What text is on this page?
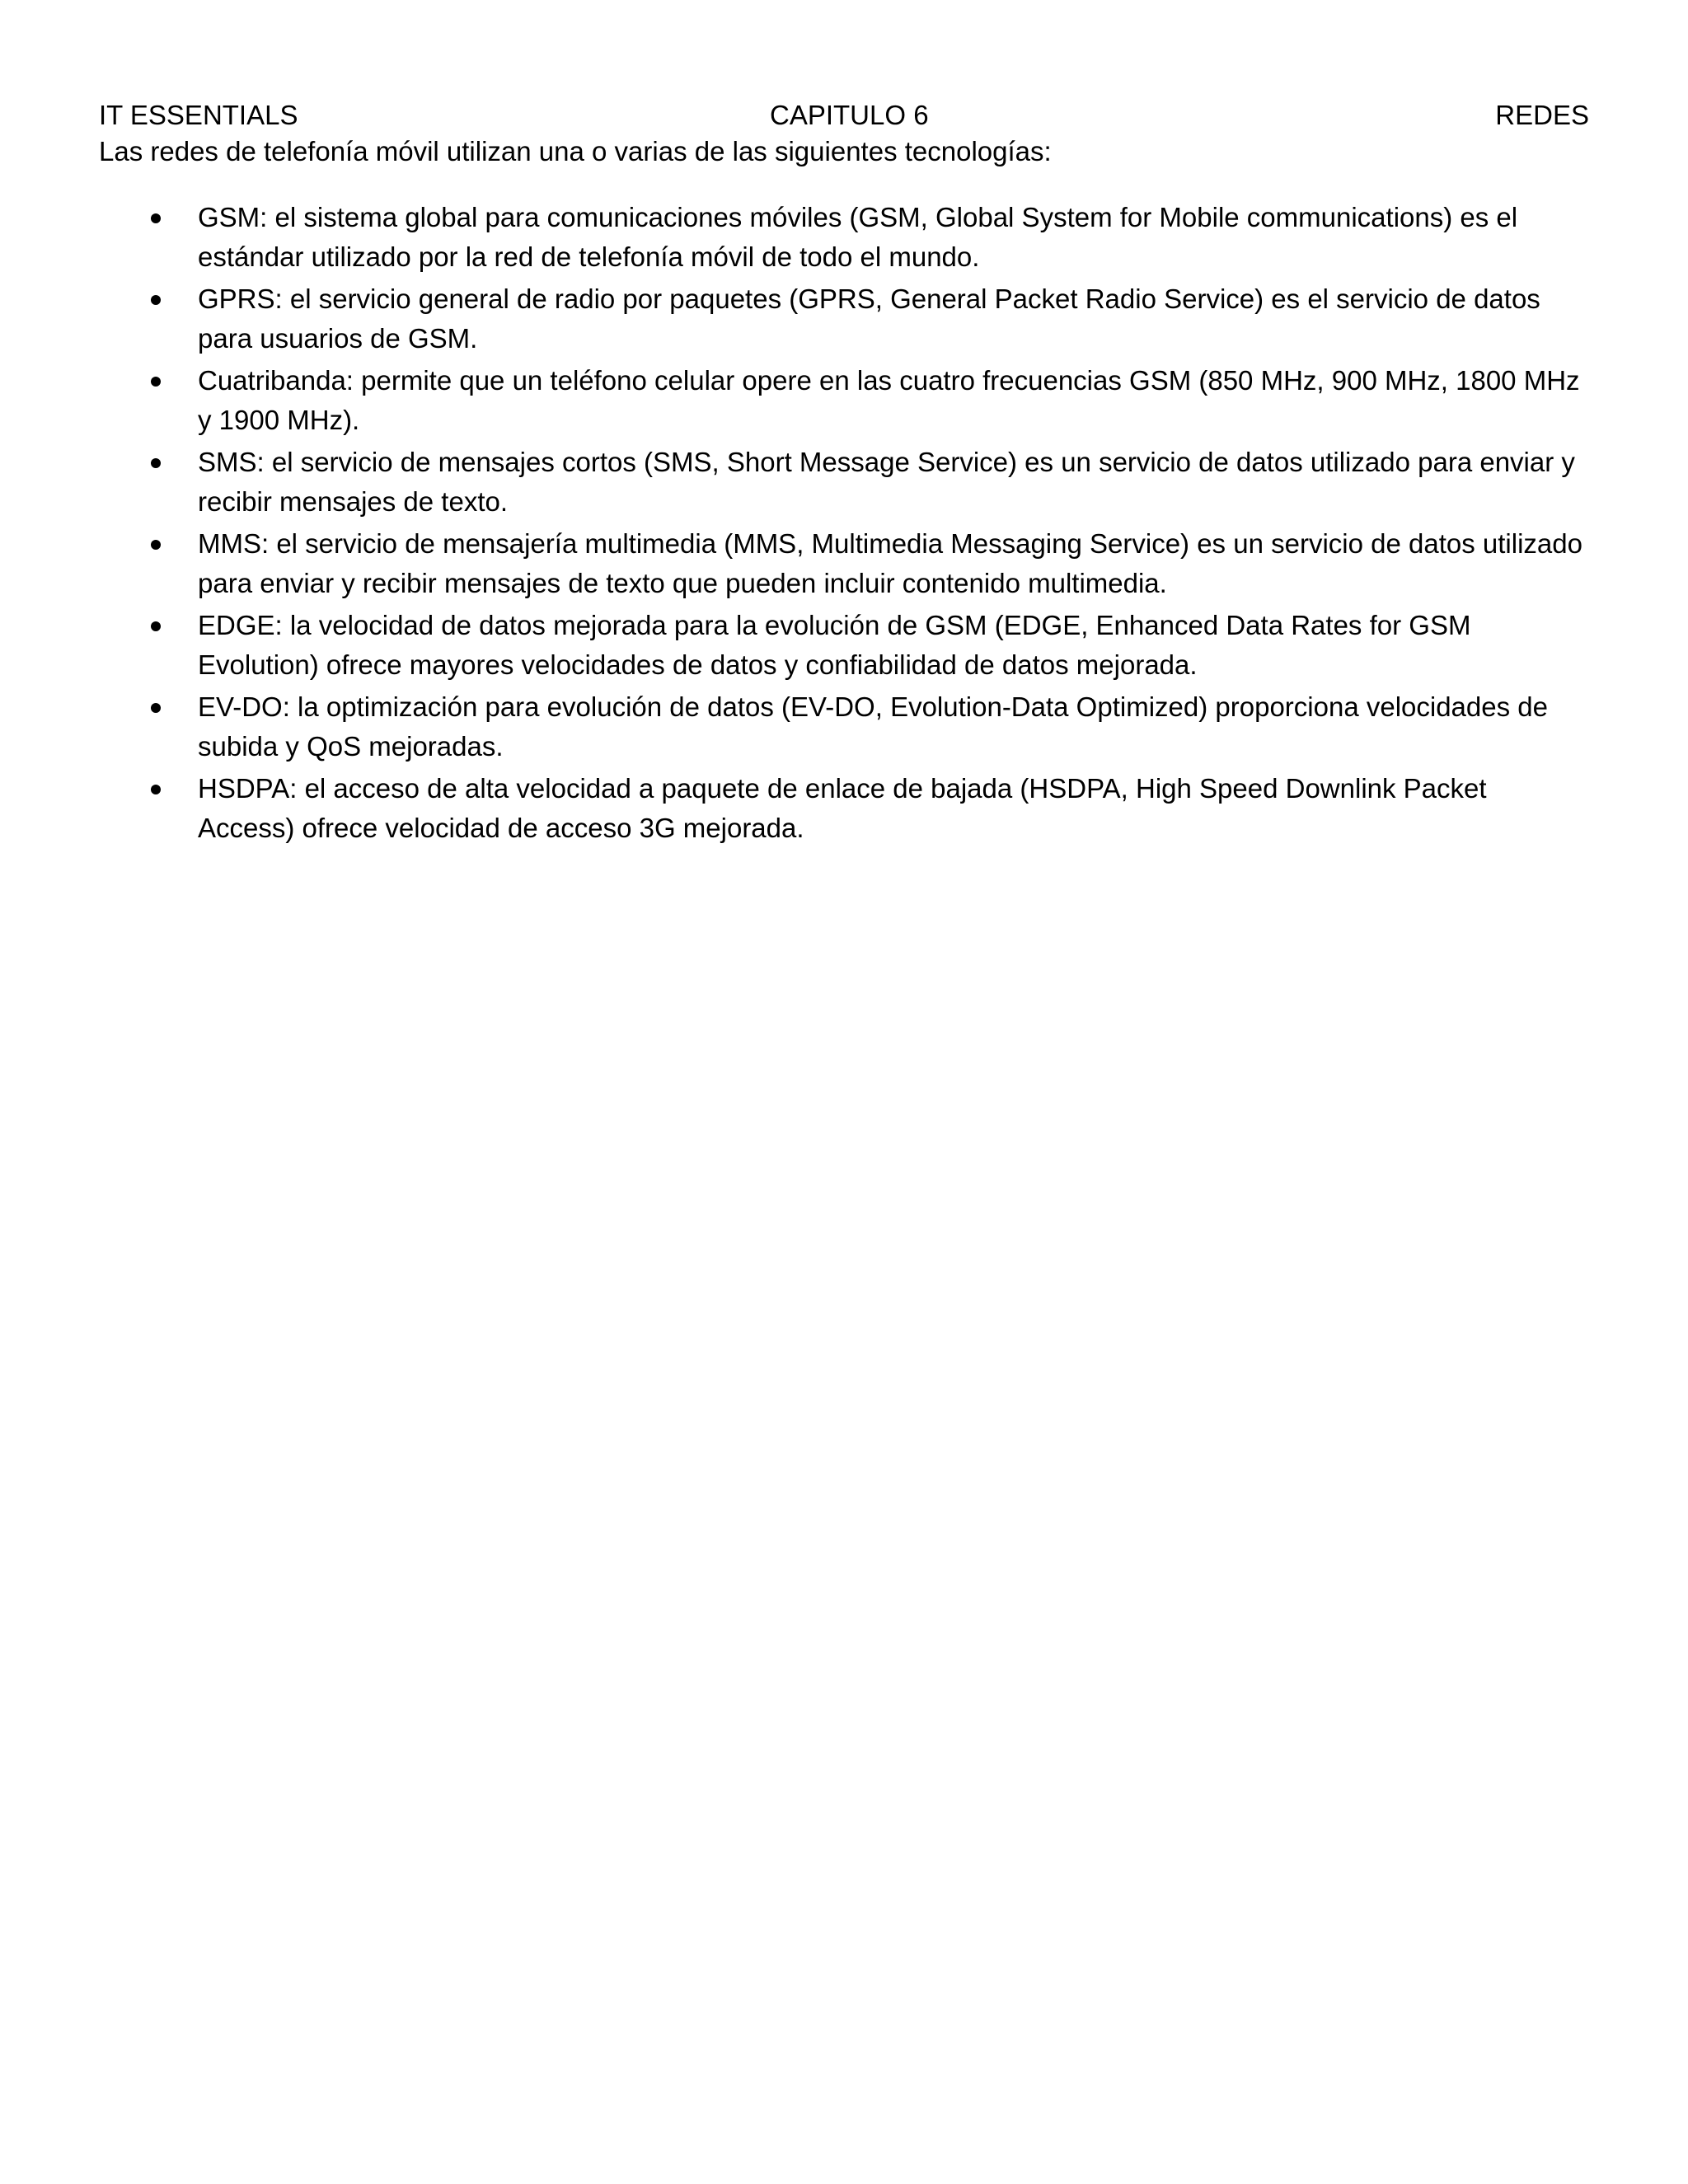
IT ESSENTIALS	CAPITULO 6	REDES

Las redes de telefonía móvil utilizan una o varias de las siguientes tecnologías:

GSM: el sistema global para comunicaciones móviles (GSM, Global System for Mobile communications) es el estándar utilizado por la red de telefonía móvil de todo el mundo.
GPRS: el servicio general de radio por paquetes (GPRS, General Packet Radio Service) es el servicio de datos para usuarios de GSM.
Cuatribanda: permite que un teléfono celular opere en las cuatro frecuencias GSM (850 MHz, 900 MHz, 1800 MHz y 1900 MHz).
SMS: el servicio de mensajes cortos (SMS, Short Message Service) es un servicio de datos utilizado para enviar y recibir mensajes de texto.
MMS: el servicio de mensajería multimedia (MMS, Multimedia Messaging Service) es un servicio de datos utilizado para enviar y recibir mensajes de texto que pueden incluir contenido multimedia.
EDGE: la velocidad de datos mejorada para la evolución de GSM (EDGE, Enhanced Data Rates for GSM Evolution) ofrece mayores velocidades de datos y confiabilidad de datos mejorada.
EV-DO: la optimización para evolución de datos (EV-DO, Evolution-Data Optimized) proporciona velocidades de subida y QoS mejoradas.
HSDPA: el acceso de alta velocidad a paquete de enlace de bajada (HSDPA, High Speed Downlink Packet Access) ofrece velocidad de acceso 3G mejorada.
